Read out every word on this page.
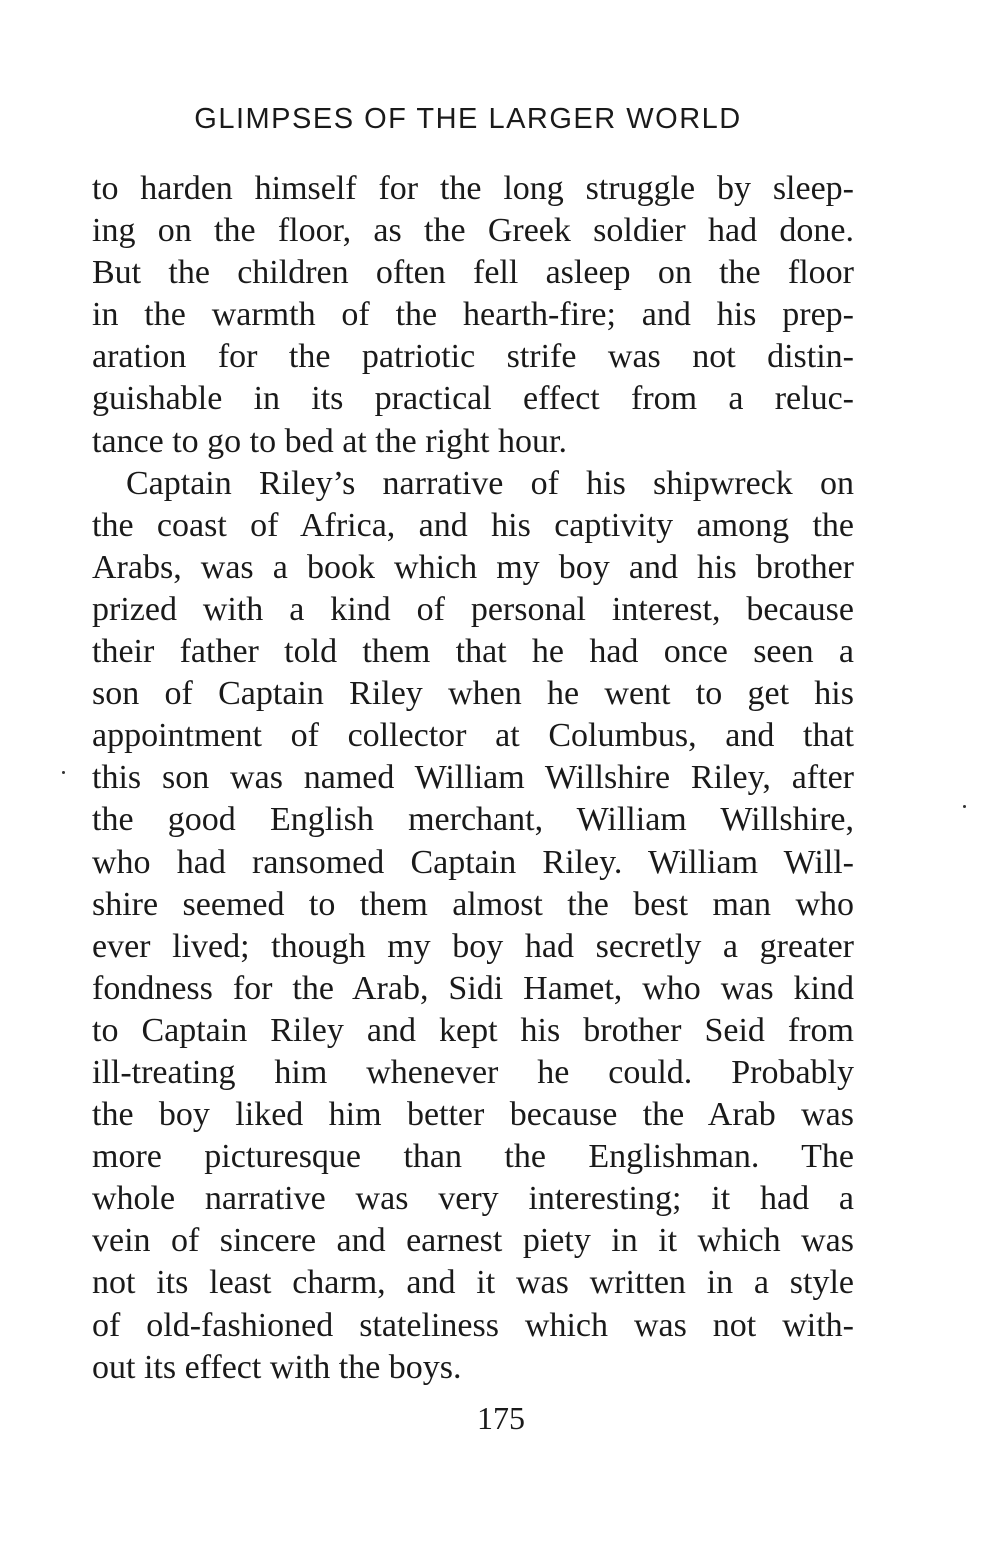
GLIMPSES OF THE LARGER WORLD
to harden himself for the long struggle by sleep-
ing on the floor, as the Greek soldier had done.
But the children often fell asleep on the floor
in the warmth of the hearth-fire; and his prep-
aration for the patriotic strife was not distin-
guishable in its practical effect from a reluc-
tance to go to bed at the right hour.
Captain Riley’s narrative of his shipwreck on
the coast of Africa, and his captivity among the
Arabs, was a book which my boy and his brother
prized with a kind of personal interest, because
their father told them that he had once seen a
son of Captain Riley when he went to get his
appointment of collector at Columbus, and that
this son was named William Willshire Riley, after
the good English merchant, William Willshire,
who had ransomed Captain Riley. William Will-
shire seemed to them almost the best man who
ever lived; though my boy had secretly a greater
fondness for the Arab, Sidi Hamet, who was kind
to Captain Riley and kept his brother Seid from
ill-treating him whenever he could. Probably
the boy liked him better because the Arab was
more picturesque than the Englishman. The
whole narrative was very interesting; it had a
vein of sincere and earnest piety in it which was
not its least charm, and it was written in a style
of old-fashioned stateliness which was not with-
out its effect with the boys.
175
